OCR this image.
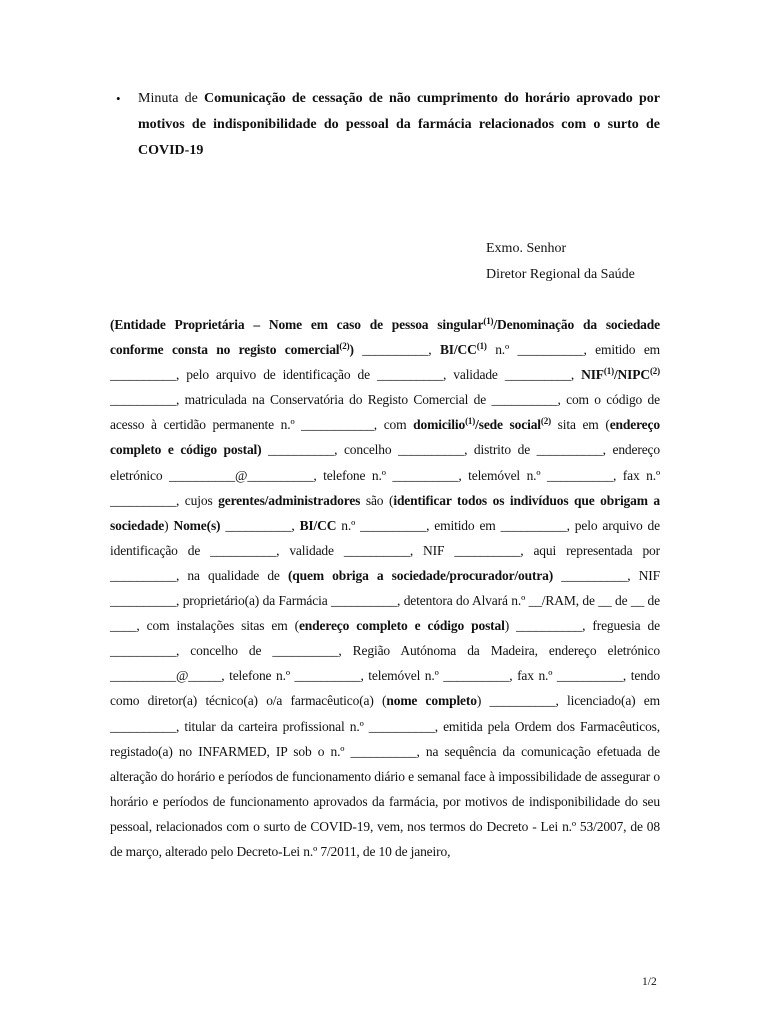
• Minuta de Comunicação de cessação de não cumprimento do horário aprovado por motivos de indisponibilidade do pessoal da farmácia relacionados com o surto de COVID-19
Exmo. Senhor
Diretor Regional da Saúde
(Entidade Proprietária – Nome em caso de pessoa singular$^{(1)}$/Denominação da sociedade conforme consta no registo comercial$^{(2)}$) __________, BI/CC$^{(1)}$ n.º __________, emitido em __________, pelo arquivo de identificação de __________, validade __________, NIF$^{(1)}$/NIPC$^{(2)}$ __________, matriculada na Conservatória do Registo Comercial de __________, com o código de acesso à certidão permanente n.º ___________, com domicilio$^{(1)}$/sede social$^{(2)}$ sita em (endereço completo e código postal) __________, concelho __________, distrito de __________, endereço eletrónico __________@__________, telefone n.º __________, telemóvel n.º __________, fax n.º __________, cujos gerentes/administradores são (identificar todos os indivíduos que obrigam a sociedade) Nome(s) __________, BI/CC n.º __________, emitido em __________, pelo arquivo de identificação de __________, validade __________, NIF __________, aqui representada por __________, na qualidade de (quem obriga a sociedade/procurador/outra) __________, NIF __________, proprietário(a) da Farmácia __________, detentora do Alvará n.º __/RAM, de __ de __ de ____, com instalações sitas em (endereço completo e código postal) __________, freguesia de __________, concelho de __________, Região Autónoma da Madeira, endereço eletrónico __________@_____, telefone n.º __________, telemóvel n.º __________, fax n.º __________, tendo como diretor(a) técnico(a) o/a farmacêutico(a) (nome completo) __________, licenciado(a) em __________, titular da carteira profissional n.º __________, emitida pela Ordem dos Farmacêuticos, registado(a) no INFARMED, IP sob o n.º __________, na sequência da comunicação efetuada de alteração do horário e períodos de funcionamento diário e semanal face à impossibilidade de assegurar o horário e períodos de funcionamento aprovados da farmácia, por motivos de indisponibilidade do seu pessoal, relacionados com o surto de COVID-19, vem, nos termos do Decreto - Lei n.º 53/2007, de 08 de março, alterado pelo Decreto-Lei n.º 7/2011, de 10 de janeiro,
1/2
